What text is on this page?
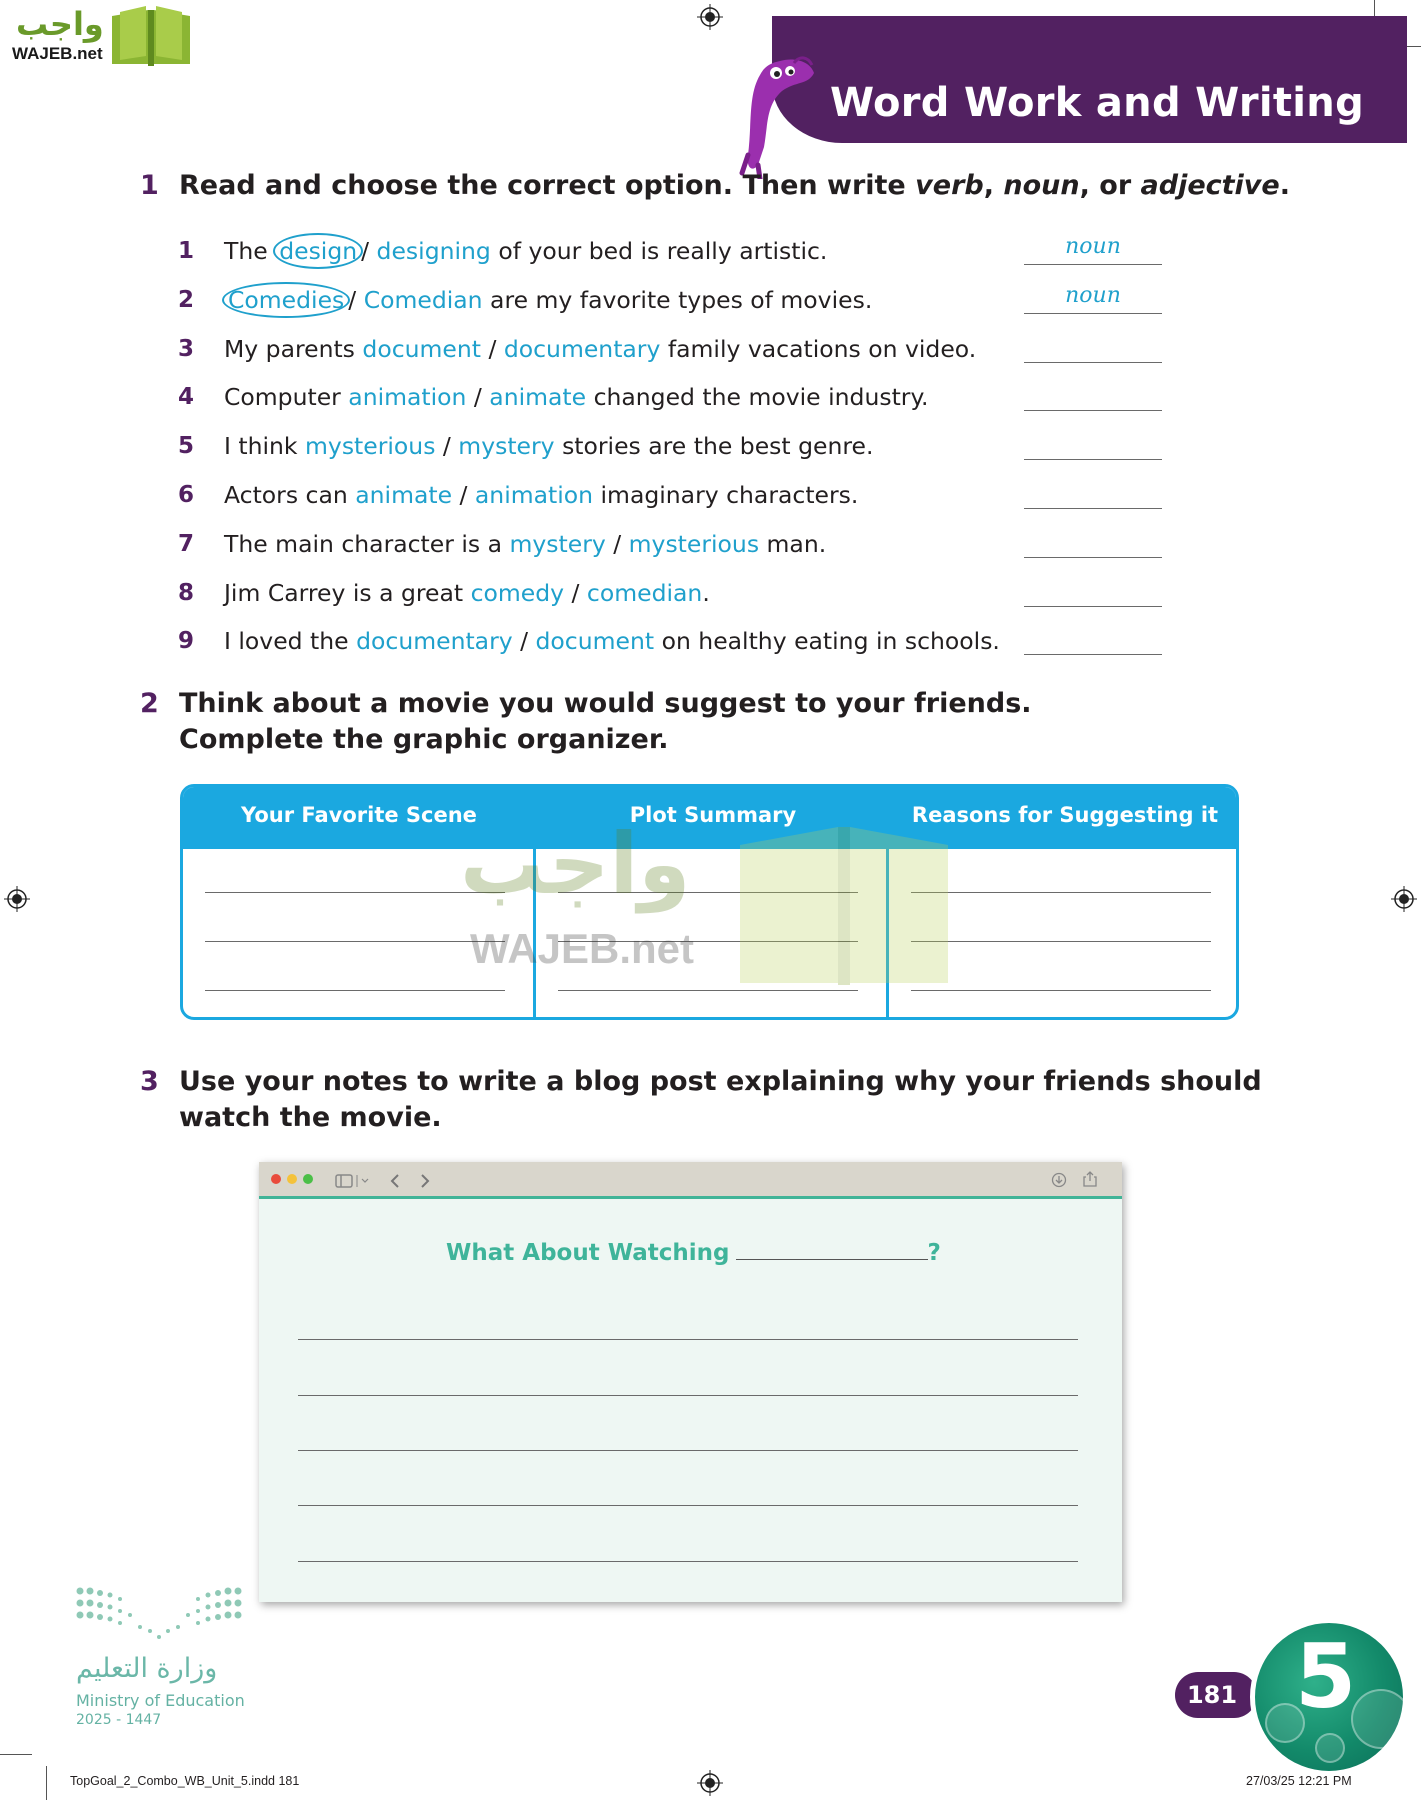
واجب
WAJEB.net
Word Work and Writing
1 Read and choose the correct option. Then write verb, noun, or adjective.
1 The design / designing of your bed is really artistic.	noun
2 Comedies / Comedian are my favorite types of movies.	noun
3 My parents document / documentary family vacations on video.
4 Computer animation / animate changed the movie industry.
5 I think mysterious / mystery stories are the best genre.
6 Actors can animate / animation imaginary characters.
7 The main character is a mystery / mysterious man.
8 Jim Carrey is a great comedy / comedian.
9 I loved the documentary / document on healthy eating in schools.
2 Think about a movie you would suggest to your friends.
Complete the graphic organizer.
Your Favorite Scene	Plot Summary	Reasons for Suggesting it
واجب
WAJEB.net
3 Use your notes to write a blog post explaining why your friends should
watch the movie.
What About Watching	?
وزارة التعليم
Ministry of Education
2025 - 1447
181 5
TopGoal_2_Combo_WB_Unit_5.indd 181	27/03/25 12:21 PM
